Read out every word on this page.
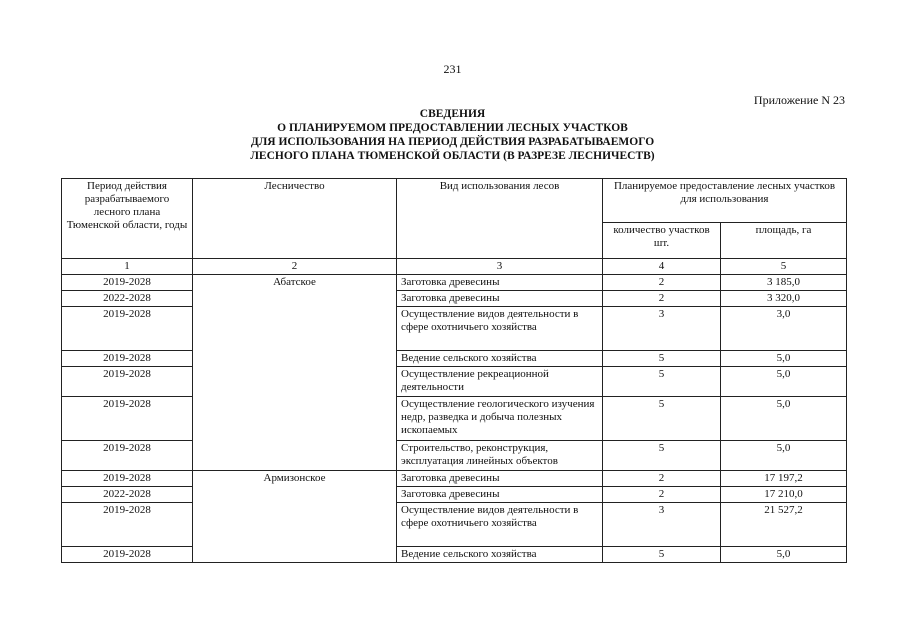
231
Приложение N 23
СВЕДЕНИЯ
О ПЛАНИРУЕМОМ ПРЕДОСТАВЛЕНИИ ЛЕСНЫХ УЧАСТКОВ
ДЛЯ ИСПОЛЬЗОВАНИЯ НА ПЕРИОД ДЕЙСТВИЯ РАЗРАБАТЫВАЕМОГО
ЛЕСНОГО ПЛАНА ТЮМЕНСКОЙ ОБЛАСТИ (В РАЗРЕЗЕ ЛЕСНИЧЕСТВ)
Период действия разрабатываемого лесного плана Тюменской области, годы	Лесничество	Вид использования лесов	Планируемое предоставление лесных участков для использования	
			количество участков шт.	площадь, га
1	2	3	4	5
2019-2028	Абатское	Заготовка древесины	2	3 185,0
2022-2028		Заготовка древесины	2	3 320,0
2019-2028		Осуществление видов деятельности в сфере охотничьего хозяйства	3	3,0
2019-2028		Ведение сельского хозяйства	5	5,0
2019-2028		Осуществление рекреационной деятельности	5	5,0
2019-2028		Осуществление геологического изучения недр, разведка и добыча полезных ископаемых	5	5,0
2019-2028		Строительство, реконструкция, эксплуатация линейных объектов	5	5,0
2019-2028	Армизонское	Заготовка древесины	2	17 197,2
2022-2028		Заготовка древесины	2	17 210,0
2019-2028		Осуществление видов деятельности в сфере охотничьего хозяйства	3	21 527,2
2019-2028		Ведение сельского хозяйства	5	5,0
